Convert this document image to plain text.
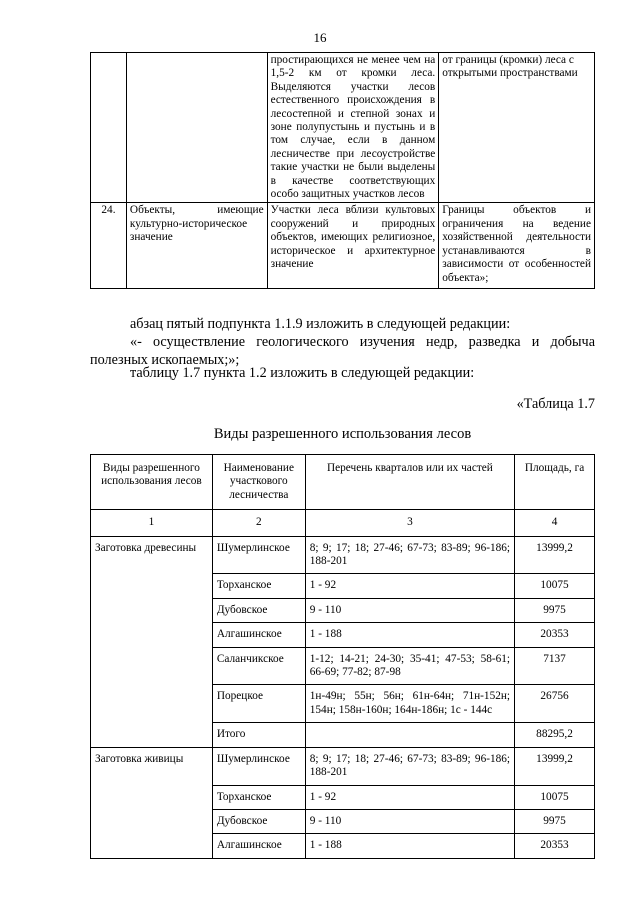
16
		простирающихся не менее чем на 1,5-2 км от кромки леса. Выделяются участки лесов естественного происхождения в лесостепной и степной зонах и зоне полупустынь и пустынь и в том случае, если в данном лесничестве при лесоустройстве такие участки не были выделены в качестве соответствующих особо защитных участков лесов	от границы (кромки) леса с открытыми пространствами
24.	Объекты, имеющие культурно-историческое значение	Участки леса вблизи культовых сооружений и природных объектов, имеющих религиозное, историческое и архитектурное значение	Границы объектов и ограничения на ведение хозяйственной деятельности устанавливаются в зависимости от особенностей объекта»;
абзац пятый подпункта 1.1.9 изложить в следующей редакции:
«- осуществление геологического изучения недр, разведка и добыча полезных ископаемых;»;
таблицу 1.7 пункта 1.2 изложить в следующей редакции:
«Таблица 1.7
Виды разрешенного использования лесов
Виды разрешенного использования лесов	Наименование участкового лесничества	Перечень кварталов или их частей	Площадь, га
1	2	3	4
Заготовка древесины	Шумерлинское	8; 9; 17; 18; 27-46; 67-73; 83-89; 96-186; 188-201	13999,2
	Торханское	1 - 92	10075
	Дубовское	9 - 110	9975
	Алгашинское	1 - 188	20353
	Саланчикское	1-12; 14-21; 24-30; 35-41; 47-53; 58-61; 66-69; 77-82; 87-98	7137
	Порецкое	1н-49н; 55н; 56н; 61н-64н; 71н-152н; 154н; 158н-160н; 164н-186н; 1с - 144с	26756
	Итого		88295,2
Заготовка живицы	Шумерлинское	8; 9; 17; 18; 27-46; 67-73; 83-89; 96-186; 188-201	13999,2
	Торханское	1 - 92	10075
	Дубовское	9 - 110	9975
	Алгашинское	1 - 188	20353
